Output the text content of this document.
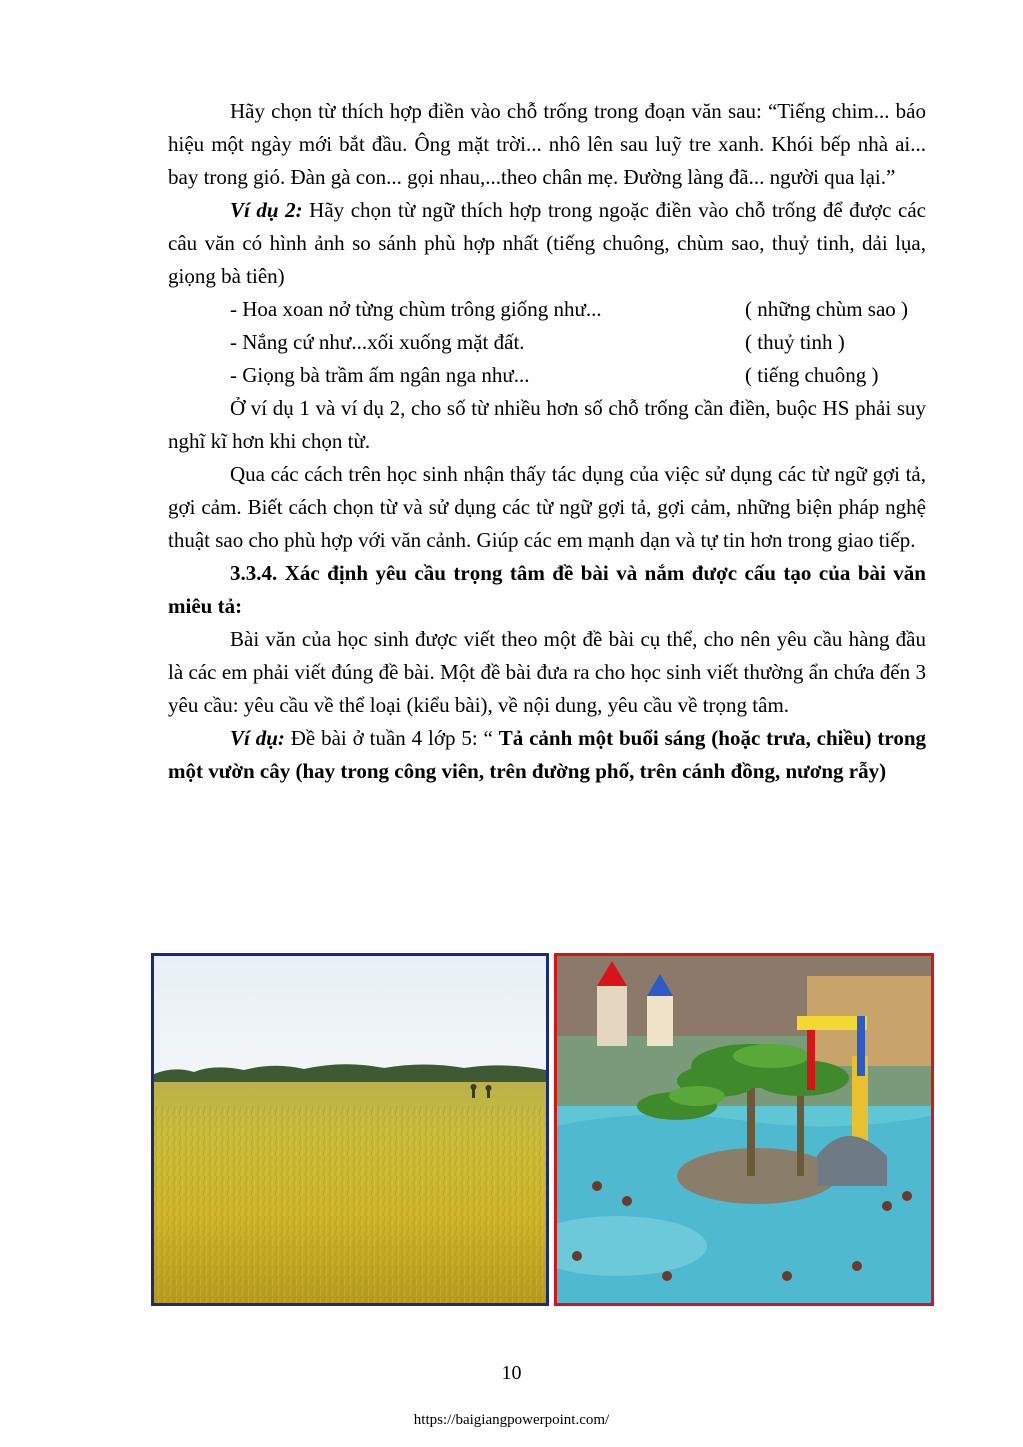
Hãy chọn từ thích hợp điền vào chỗ trống trong đoạn văn sau: “Tiếng chim... báo hiệu một ngày mới bắt đầu. Ông mặt trời... nhô lên sau luỹ tre xanh. Khói bếp nhà ai... bay trong gió. Đàn gà con... gọi nhau,...theo chân mẹ. Đường làng đã... người qua lại.”

Ví dụ 2: Hãy chọn từ ngữ thích hợp trong ngoặc điền vào chỗ trống để được các câu văn có hình ảnh so sánh phù hợp nhất (tiếng chuông, chùm sao, thuỷ tinh, dải lụa, giọng bà tiên)

- Hoa xoan nở từng chùm trông giống như...	( những chùm sao )

- Nắng cứ như...xối xuống mặt đất.	( thuỷ tinh )

- Giọng bà trầm ấm ngân nga như...	( tiếng chuông )

Ở ví dụ 1 và ví dụ 2, cho số từ nhiều hơn số chỗ trống cần điền, buộc HS phải suy nghĩ kĩ hơn khi chọn từ.

Qua các cách trên học sinh nhận thấy tác dụng của việc sử dụng các từ ngữ gợi tả, gợi cảm. Biết cách chọn từ và sử dụng các từ ngữ gợi tả, gợi cảm, những biện pháp nghệ thuật sao cho phù hợp với văn cảnh. Giúp các em mạnh dạn và tự tin hơn trong giao tiếp.

3.3.4. Xác định yêu cầu trọng tâm đề bài và nắm được cấu tạo của bài văn miêu tả:

Bài văn của học sinh được viết theo một đề bài cụ thể, cho nên yêu cầu hàng đầu là các em phải viết đúng đề bài. Một đề bài đưa ra cho học sinh viết thường ẩn chứa đến 3 yêu cầu: yêu cầu về thể loại (kiểu bài), về nội dung, yêu cầu về trọng tâm.

Ví dụ: Đề bài ở tuần 4 lớp 5: “ Tả cảnh một buổi sáng (hoặc trưa, chiều) trong một vườn cây (hay trong công viên, trên đường phố, trên cánh đồng, nương rẫy)

10
https://baigiangpowerpoint.com/
